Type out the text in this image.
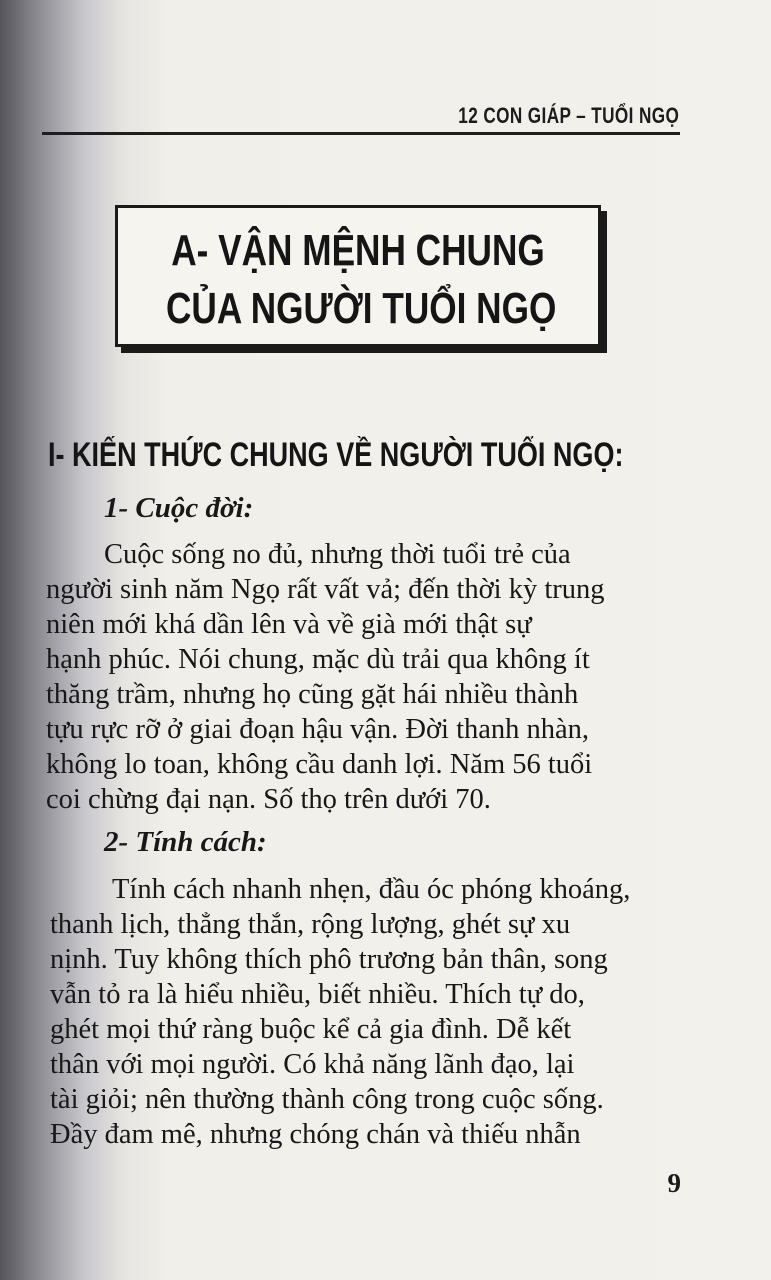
12 CON GIÁP – TUỔI NGỌ
A- VẬN MỆNH CHUNG
CỦA NGƯỜI TUỔI NGỌ
I- KIẾN THỨC CHUNG VỀ NGƯỜI TUỔI NGỌ:
1- Cuộc đời:
Cuộc sống no đủ, nhưng thời tuổi trẻ của
người sinh năm Ngọ rất vất vả; đến thời kỳ trung
niên mới khá dần lên và về già mới thật sự
hạnh phúc. Nói chung, mặc dù trải qua không ít
thăng trầm, nhưng họ cũng gặt hái nhiều thành
tựu rực rỡ ở giai đoạn hậu vận. Đời thanh nhàn,
không lo toan, không cầu danh lợi. Năm 56 tuổi
coi chừng đại nạn. Số thọ trên dưới 70.
2- Tính cách:
Tính cách nhanh nhẹn, đầu óc phóng khoáng,
thanh lịch, thẳng thắn, rộng lượng, ghét sự xu
nịnh. Tuy không thích phô trương bản thân, song
vẫn tỏ ra là hiểu nhiều, biết nhiều. Thích tự do,
ghét mọi thứ ràng buộc kể cả gia đình. Dễ kết
thân với mọi người. Có khả năng lãnh đạo, lại
tài giỏi; nên thường thành công trong cuộc sống.
Đầy đam mê, nhưng chóng chán và thiếu nhẫn
9
